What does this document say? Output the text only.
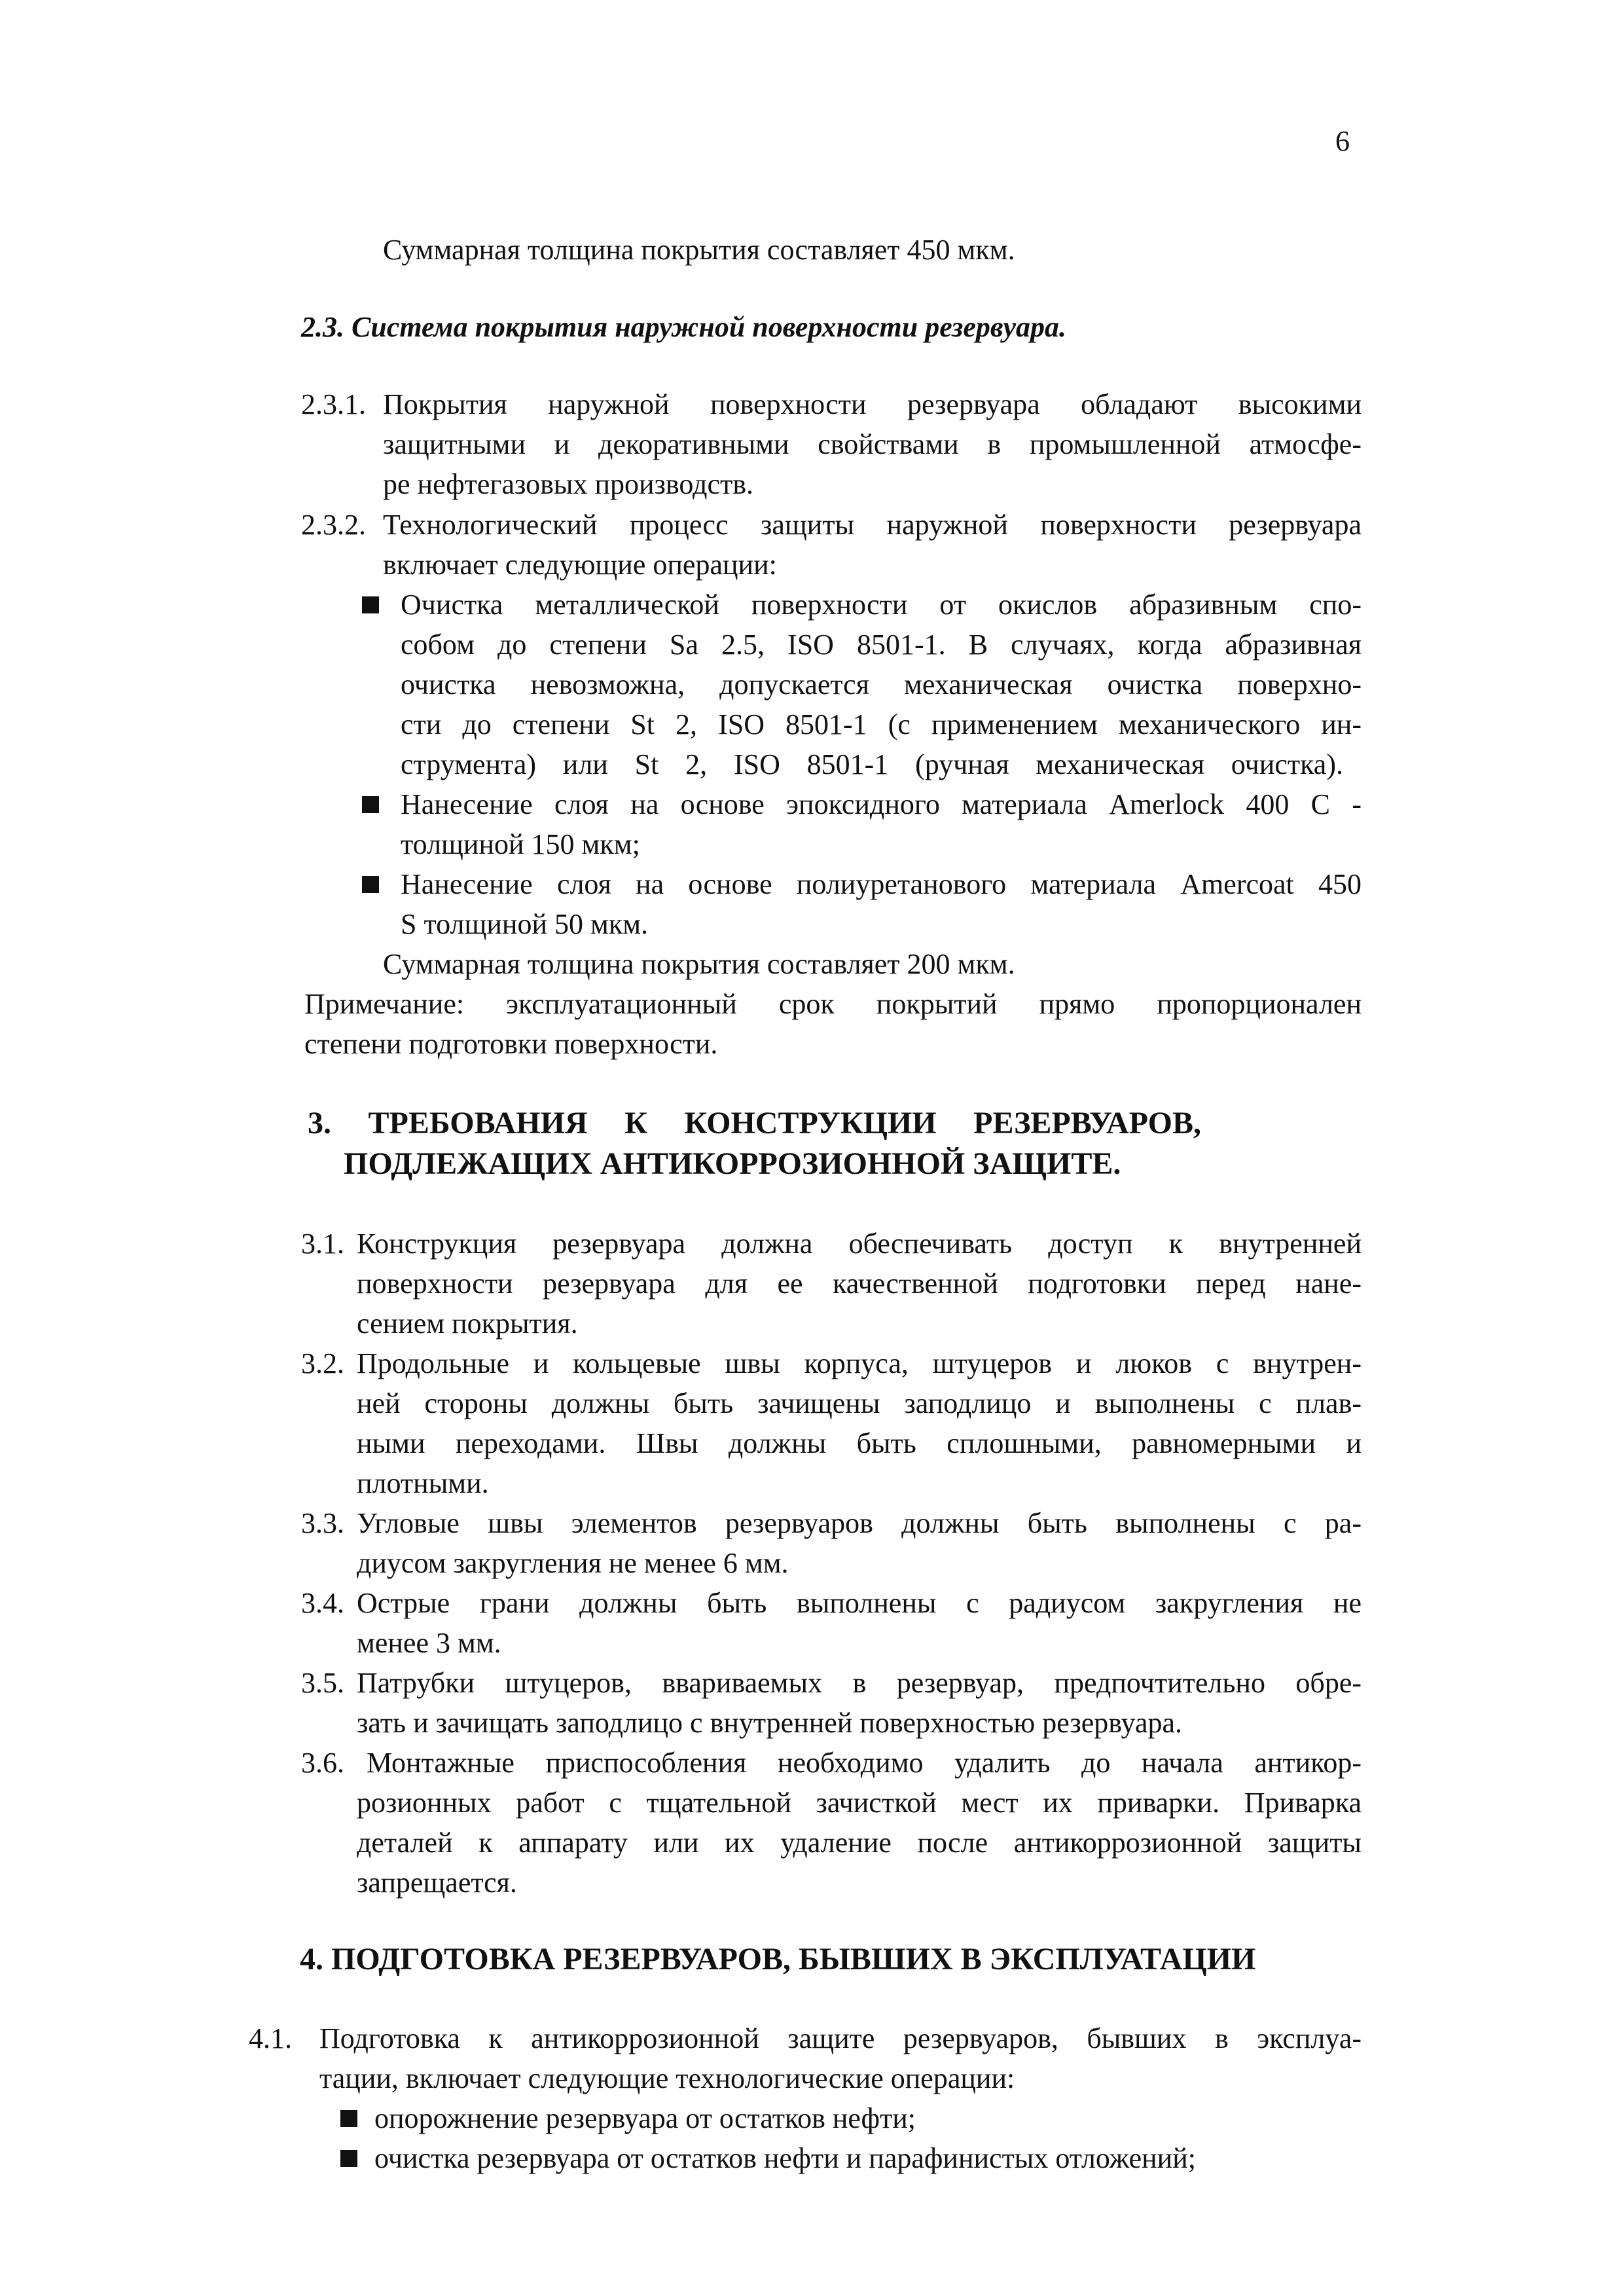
6
Суммарная толщина покрытия составляет 450 мкм.
2.3. Система покрытия наружной поверхности резервуара.
2.3.1. Покрытия наружной поверхности резервуара обладают высокими
защитными и декоративными свойствами в промышленной атмосфе-
ре нефтегазовых производств.
2.3.2. Технологический процесс защиты наружной поверхности резервуара
включает следующие операции:
Очистка металлической поверхности от окислов абразивным спо-
собом до степени Sa 2.5, ISO 8501-1. В случаях, когда абразивная
очистка невозможна, допускается механическая очистка поверхно-
сти до степени St 2, ISO 8501-1 (с применением механического ин-
струмента) или St 2, ISO 8501-1 (ручная механическая очистка).
Нанесение слоя на основе эпоксидного материала Amerlock 400 C -
толщиной 150 мкм;
Нанесение слоя на основе полиуретанового материала Amercoat 450
S толщиной 50 мкм.
Суммарная толщина покрытия составляет 200 мкм.
Примечание: эксплуатационный срок покрытий прямо пропорционален
степени подготовки поверхности.
3. ТРЕБОВАНИЯ К КОНСТРУКЦИИ РЕЗЕРВУАРОВ,
ПОДЛЕЖАЩИХ АНТИКОРРОЗИОННОЙ ЗАЩИТЕ.
3.1. Конструкция резервуара должна обеспечивать доступ к внутренней
поверхности резервуара для ее качественной подготовки перед нане-
сением покрытия.
3.2. Продольные и кольцевые швы корпуса, штуцеров и люков с внутрен-
ней стороны должны быть зачищены заподлицо и выполнены с плав-
ными переходами. Швы должны быть сплошными, равномерными и
плотными.
3.3. Угловые швы элементов резервуаров должны быть выполнены с ра-
диусом закругления не менее 6 мм.
3.4. Острые грани должны быть выполнены с радиусом закругления не
менее 3 мм.
3.5. Патрубки штуцеров, ввариваемых в резервуар, предпочтительно обре-
зать и зачищать заподлицо с внутренней поверхностью резервуара.
3.6. Монтажные приспособления необходимо удалить до начала антикор-
розионных работ с тщательной зачисткой мест их приварки. Приварка
деталей к аппарату или их удаление после антикоррозионной защиты
запрещается.
4. ПОДГОТОВКА РЕЗЕРВУАРОВ, БЫВШИХ В ЭКСПЛУАТАЦИИ
4.1. Подготовка к антикоррозионной защите резервуаров, бывших в эксплуа-
тации, включает следующие технологические операции:
опорожнение резервуара от остатков нефти;
очистка резервуара от остатков нефти и парафинистых отложений;
